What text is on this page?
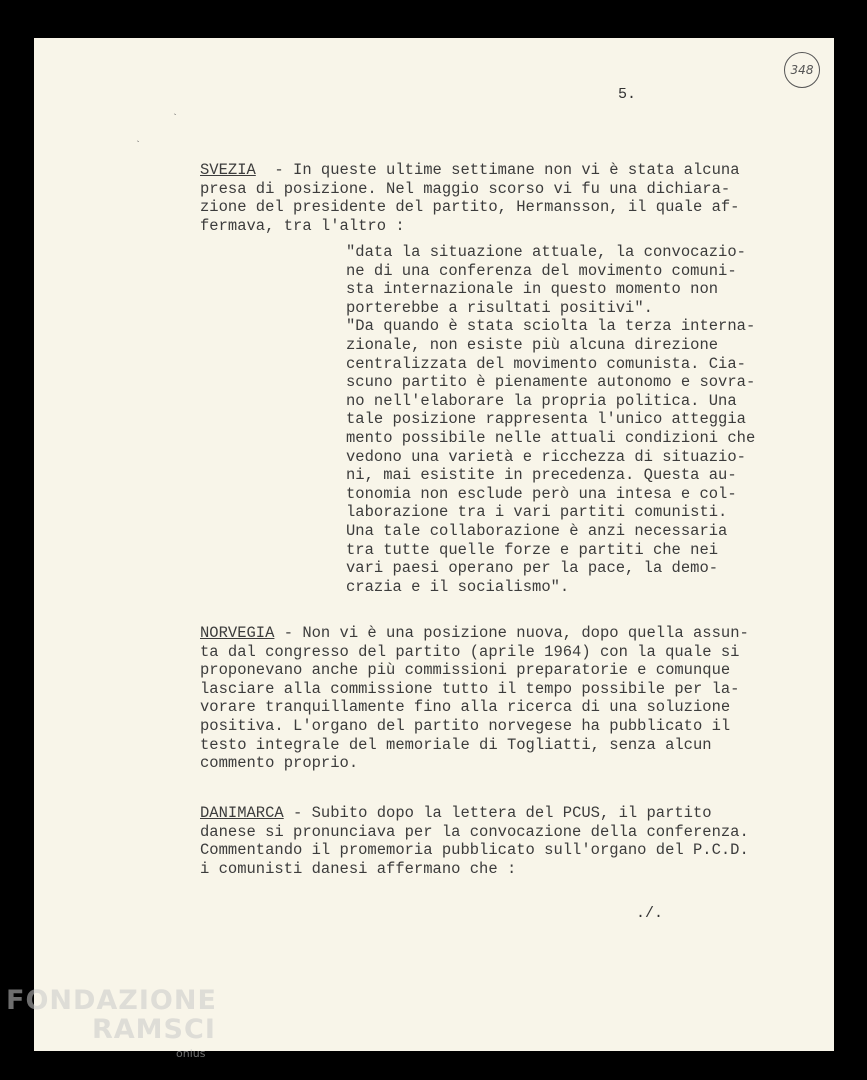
348
5.
`
`
SVEZIA  - In queste ultime settimane non vi è stata alcuna
presa di posizione. Nel maggio scorso vi fu una dichiara-
zione del presidente del partito, Hermansson, il quale af-
fermava, tra l'altro :
"data la situazione attuale, la convocazio-
ne di una conferenza del movimento comuni-
sta internazionale in questo momento non
porterebbe a risultati positivi".
"Da quando è stata sciolta la terza interna-
zionale, non esiste più alcuna direzione
centralizzata del movimento comunista. Cia-
scuno partito è pienamente autonomo e sovra-
no nell'elaborare la propria politica. Una
tale posizione rappresenta l'unico atteggia
mento possibile nelle attuali condizioni che
vedono una varietà e ricchezza di situazio-
ni, mai esistite in precedenza. Questa au-
tonomia non esclude però una intesa e col-
laborazione tra i vari partiti comunisti.
Una tale collaborazione è anzi necessaria
tra tutte quelle forze e partiti che nei
vari paesi operano per la pace, la demo-
crazia e il socialismo".
NORVEGIA - Non vi è una posizione nuova, dopo quella assun-
ta dal congresso del partito (aprile 1964) con la quale si
proponevano anche più commissioni preparatorie e comunque
lasciare alla commissione tutto il tempo possibile per la-
vorare tranquillamente fino alla ricerca di una soluzione
positiva. L'organo del partito norvegese ha pubblicato il
testo integrale del memoriale di Togliatti, senza alcun
commento proprio.
DANIMARCA - Subito dopo la lettera del PCUS, il partito
danese si pronunciava per la convocazione della conferenza.
Commentando il promemoria pubblicato sull'organo del P.C.D.
i comunisti danesi affermano che :
./.
FONDAZIONE
RAMSCI
onlus
